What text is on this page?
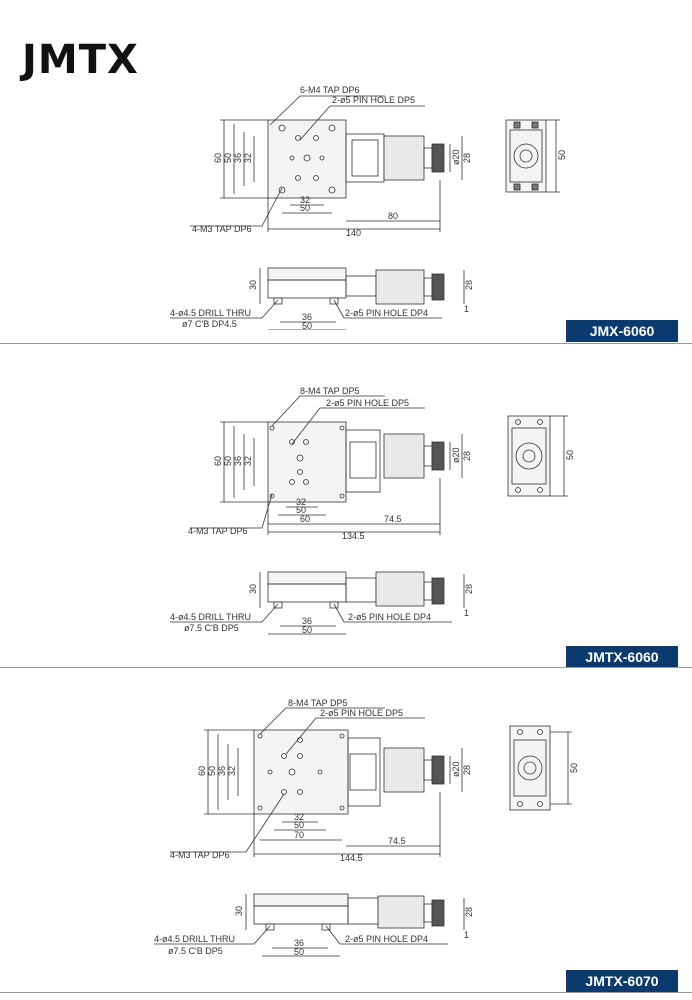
JMTX
6-M4 TAP DP6
2-ø5 PIN HOLE DP5
4-M3 TAP DP6
60 50 36 32
32
50
80
140
ø20 28	50
30	28
1
4-ø4.5 DRILL THRU
ø7 C'B DP4.5
2-ø5 PIN HOLE DP4
36
50	JMX-6060
8-M4 TAP DP5
2-ø5 PIN HOLE DP5
4-M3 TAP DP6
60 50 36 32
32
50
60	74.5
134.5
ø20 28	50
30	28
1
4-ø4.5 DRILL THRU
ø7.5 C'B DP5
2-ø5 PIN HOLE DP4
36
50
JMTX-6060
8-M4 TAP DP5
2-ø5 PIN HOLE DP5
4-M3 TAP DP6
60 50 36 32
32
50
70
74.5
144.5
ø20 28	50
30	28
1
4-ø4.5 DRILL THRU
ø7.5 C'B DP5
2-ø5 PIN HOLE DP4
36
50
JMTX-6070
